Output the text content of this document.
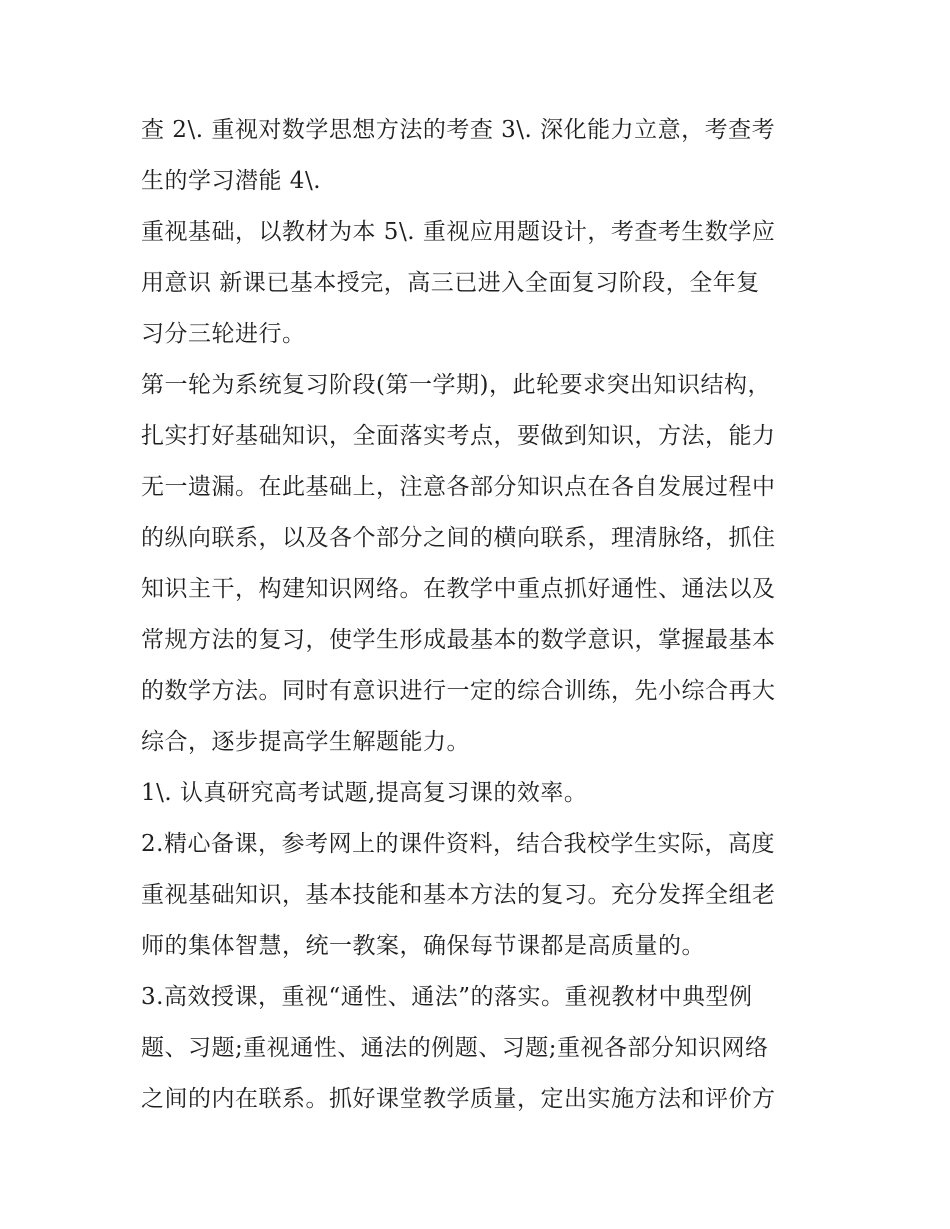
查 2\. 重视对数学思想方法的考查 3\. 深化能力立意，考查考
生的学习潜能 4\.
重视基础，以教材为本 5\. 重视应用题设计，考查考生数学应
用意识 新课已基本授完，高三已进入全面复习阶段，全年复
习分三轮进行。
第一轮为系统复习阶段(第一学期)，此轮要求突出知识结构，
扎实打好基础知识，全面落实考点，要做到知识，方法，能力
无一遗漏。在此基础上，注意各部分知识点在各自发展过程中
的纵向联系，以及各个部分之间的横向联系，理清脉络，抓住
知识主干，构建知识网络。在教学中重点抓好通性、通法以及
常规方法的复习，使学生形成最基本的数学意识，掌握最基本
的数学方法。同时有意识进行一定的综合训练，先小综合再大
综合，逐步提高学生解题能力。
1\. 认真研究高考试题,提高复习课的效率。
2.精心备课，参考网上的课件资料，结合我校学生实际，高度
重视基础知识，基本技能和基本方法的复习。充分发挥全组老
师的集体智慧，统一教案，确保每节课都是高质量的。
3.高效授课，重视“通性、通法”的落实。重视教材中典型例
题、习题;重视通性、通法的例题、习题;重视各部分知识网络
之间的内在联系。抓好课堂教学质量，定出实施方法和评价方
